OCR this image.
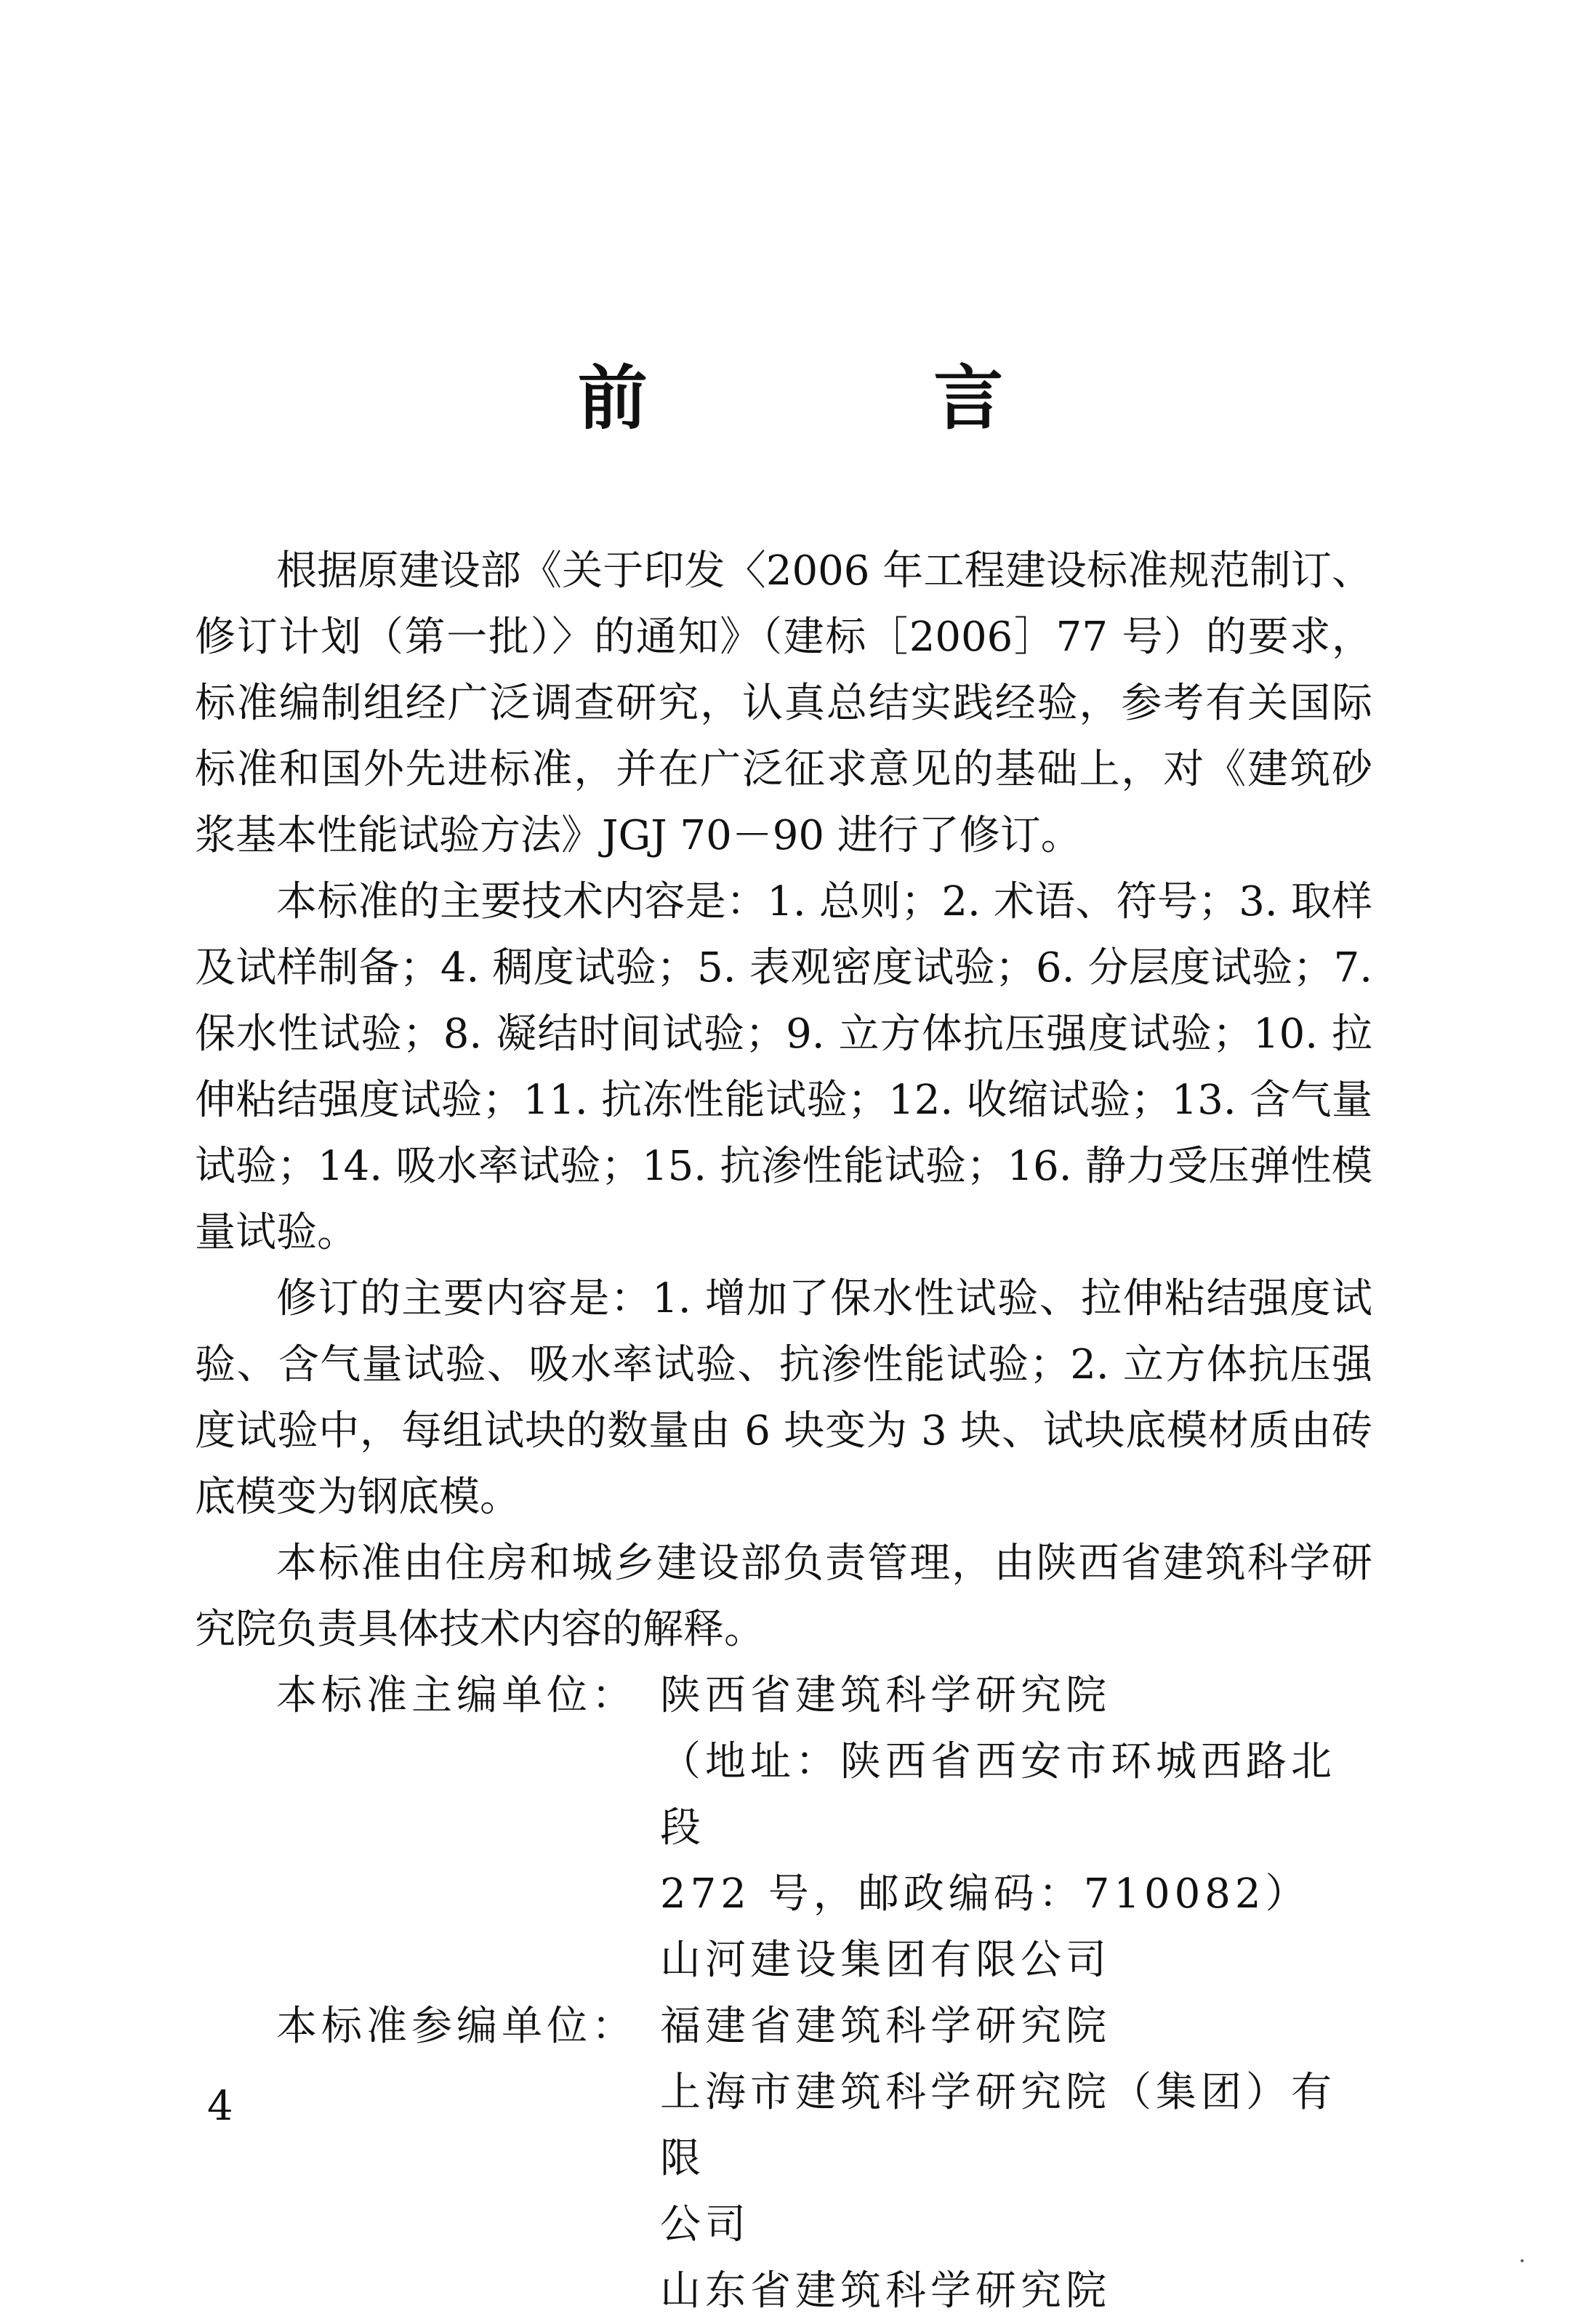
前 言

根据原建设部《关于印发〈2006 年工程建设标准规范制订、修订计划（第一批）〉的通知》（建标［2006］77 号）的要求，标准编制组经广泛调查研究，认真总结实践经验，参考有关国际标准和国外先进标准，并在广泛征求意见的基础上，对《建筑砂浆基本性能试验方法》JGJ 70－90 进行了修订。

本标准的主要技术内容是：1. 总则；2. 术语、符号；3. 取样及试样制备；4. 稠度试验；5. 表观密度试验；6. 分层度试验；7. 保水性试验；8. 凝结时间试验；9. 立方体抗压强度试验；10. 拉伸粘结强度试验；11. 抗冻性能试验；12. 收缩试验；13. 含气量试验；14. 吸水率试验；15. 抗渗性能试验；16. 静力受压弹性模量试验。

修订的主要内容是：1. 增加了保水性试验、拉伸粘结强度试验、含气量试验、吸水率试验、抗渗性能试验；2. 立方体抗压强度试验中，每组试块的数量由 6 块变为 3 块、试块底模材质由砖底模变为钢底模。

本标准由住房和城乡建设部负责管理，由陕西省建筑科学研究院负责具体技术内容的解释。

本标准主编单位： 陕西省建筑科学研究院
（地址：陕西省西安市环城西路北段
272 号，邮政编码：710082）
山河建设集团有限公司
本标准参编单位： 福建省建筑科学研究院
上海市建筑科学研究院（集团）有限
公司
山东省建筑科学研究院
4
